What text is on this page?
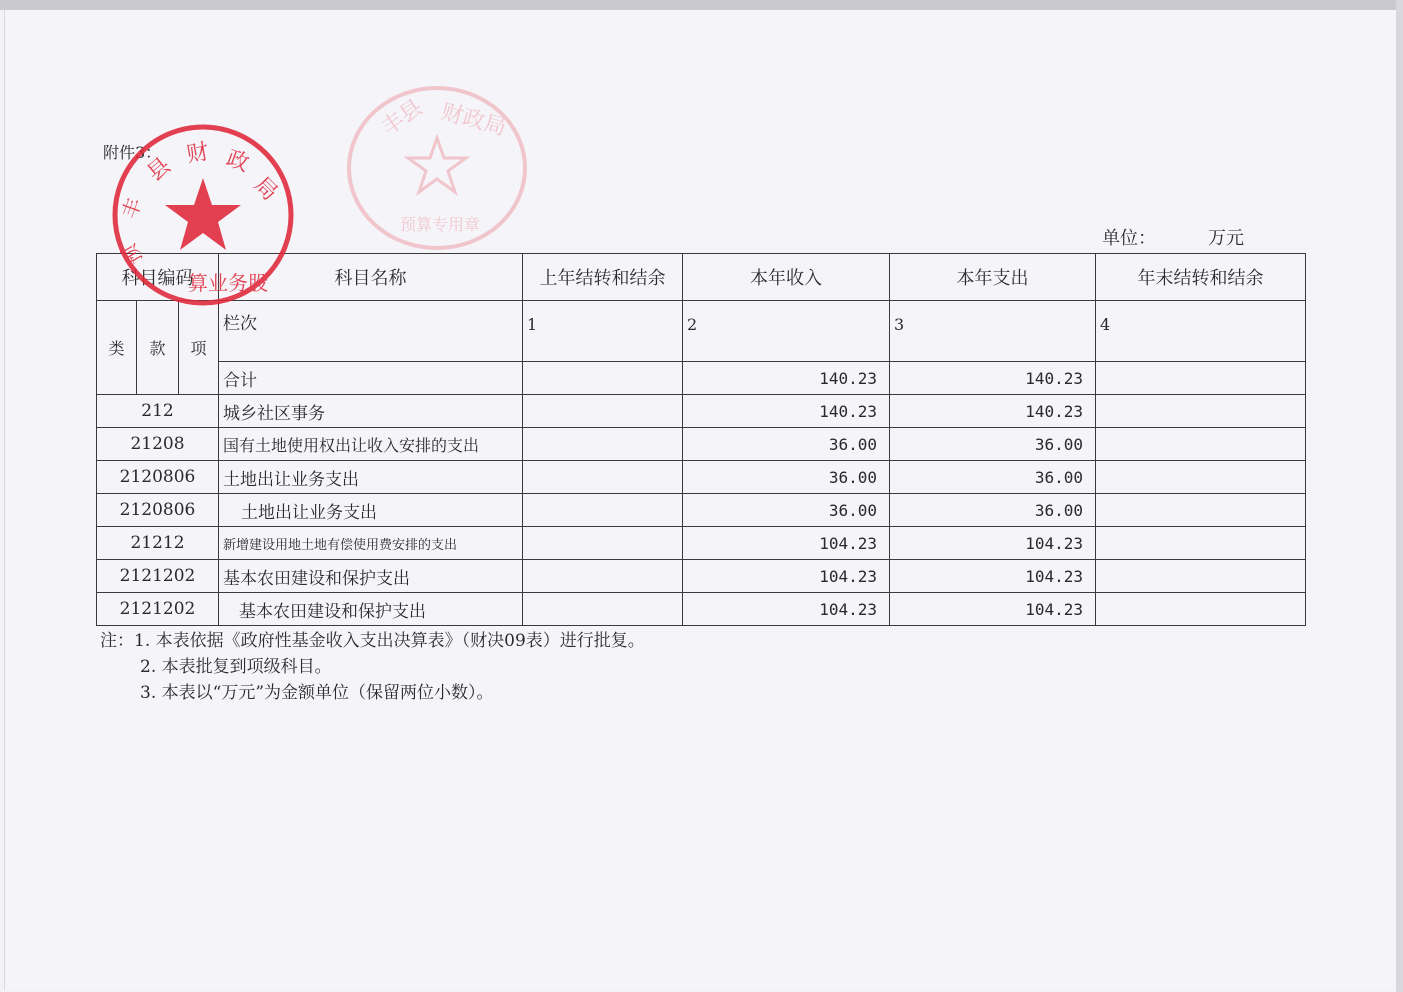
附件3：
单位：	万元
科目编码			科目名称	上年结转和结余	本年收入	本年支出	年末结转和结余
类	款	项	栏次	1	2	3	4
			合计		140.23	140.23	
212			城乡社区事务		140.23	140.23	
21208			国有土地使用权出让收入安排的支出		36.00	36.00	
2120806			土地出让业务支出		36.00	36.00	
2120806			土地出让业务支出		36.00	36.00	
21212			新增建设用地土地有偿使用费安排的支出		104.23	104.23	
2121202			基本农田建设和保护支出		104.23	104.23	
2121202			基本农田建设和保护支出		104.23	104.23	
注：1. 本表依据《政府性基金收入支出决算表》（财决09表）进行批复。
2. 本表批复到项级科目。
3. 本表以“万元”为金额单位（保留两位小数）。
丰
县 财 政
局
预
算业务股
丰县 财政局
预算专用章
